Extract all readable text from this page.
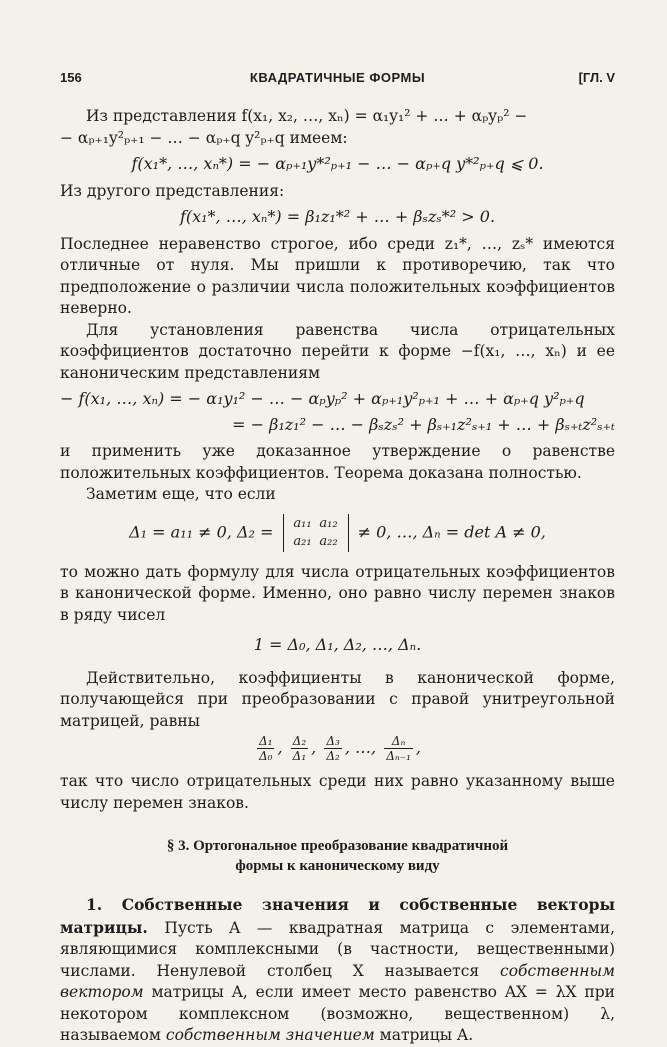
156	КВАДРАТИЧНЫЕ ФОРМЫ	[ГЛ. V

Из представления f(x₁, x₂, …, xₙ) = α₁y₁² + … + αₚyₚ² −

− αₚ₊₁y²ₚ₊₁ − … − αₚ₊q y²ₚ₊q имеем:

f(x₁*, …, xₙ*) = − αₚ₊₁y*²ₚ₊₁ − … − αₚ₊q y*²ₚ₊q ⩽ 0.

Из другого представления:

f(x₁*, …, xₙ*) = β₁z₁*² + … + βₛzₛ*² > 0.

Последнее неравенство строгое, ибо среди z₁*, …, zₛ* имеются отличные от нуля. Мы пришли к противоречию, так что предположение о различии числа положительных коэффициентов неверно.

Для установления равенства числа отрицательных коэффициентов достаточно перейти к форме −f(x₁, …, xₙ) и ее каноническим представлениям

− f(x₁, …, xₙ) = − α₁y₁² − … − αₚyₚ² + αₚ₊₁y²ₚ₊₁ + … + αₚ₊q y²ₚ₊q
= − β₁z₁² − … − βₛzₛ² + βₛ₊₁z²ₛ₊₁ + … + βₛ₊ₜz²ₛ₊ₜ

и применить уже доказанное утверждение о равенстве положительных коэффициентов. Теорема доказана полностью.

Заметим еще, что если

Δ₁ = a₁₁ ≠ 0, Δ₂ = a₁₁ a₁₂
a₂₁ a₂₂ ≠ 0, …, Δₙ = det A ≠ 0,

то можно дать формулу для числа отрицательных коэффициентов в канонической форме. Именно, оно равно числу перемен знаков в ряду чисел

1 = Δ₀, Δ₁, Δ₂, …, Δₙ.

Действительно, коэффициенты в канонической форме, получающейся при преобразовании с правой унитреугольной матрицей, равны

$\frac{\text{Δ₁}}{\text{Δ₀}}$ , $\frac{\text{Δ₂}}{\text{Δ₁}}$ , $\frac{\text{Δ₃}}{\text{Δ₂}}$ , …, $\frac{\text{Δₙ}}{\text{Δₙ₋₁}}$ ,

так что число отрицательных среди них равно указанному выше числу перемен знаков.

§ 3. Ортогональное преобразование квадратичной
формы к каноническому виду

1. Собственные значения и собственные векторы матрицы. Пусть A — квадратная матрица с элементами, являющимися комплексными (в частности, вещественными) числами. Ненулевой столбец X называется собственным вектором матрицы A, если имеет место равенство AX = λX при некотором комплексном (возможно, вещественном) λ, называемом собственным значением матрицы A.
